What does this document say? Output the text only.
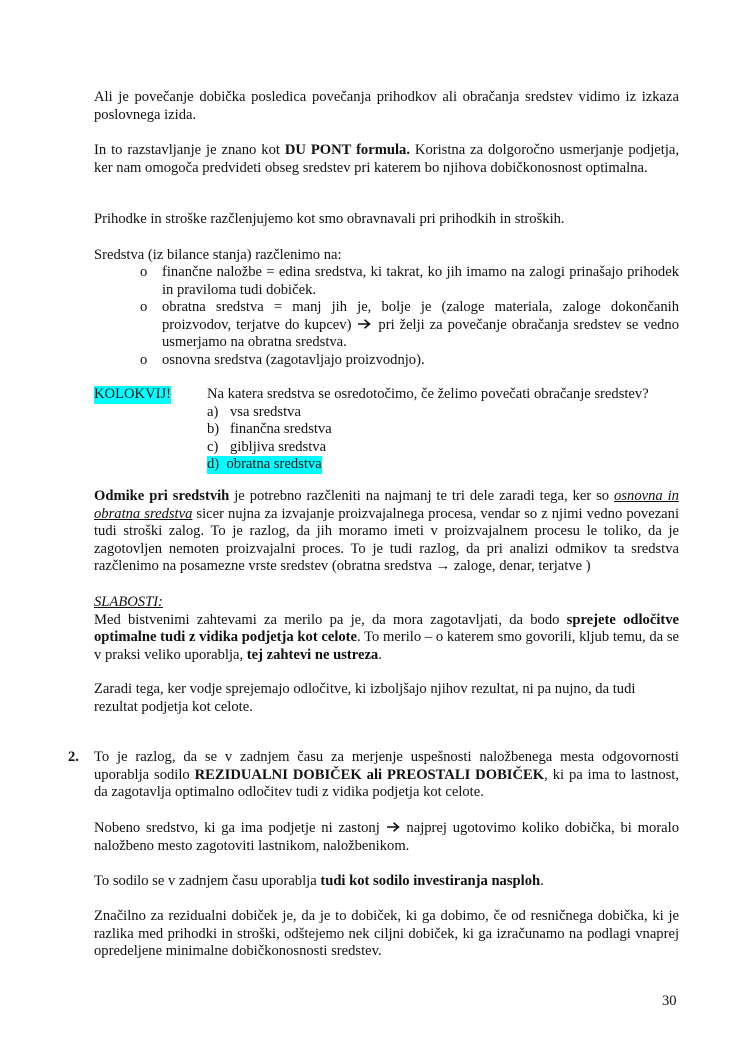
Ali je povečanje dobička posledica povečanja prihodkov ali obračanja sredstev vidimo iz izkaza poslovnega izida.

In to razstavljanje je znano kot DU PONT formula. Koristna za dolgoročno usmerjanje podjetja, ker nam omogoča predvideti obseg sredstev pri katerem bo njihova dobičkonosnost optimalna.

Prihodke in stroške razčlenjujemo kot smo obravnavali pri prihodkih in stroških.

Sredstva (iz bilance stanja) razčlenimo na:

o finančne naložbe = edina sredstva, ki takrat, ko jih imamo na zalogi prinašajo prihodek in praviloma tudi dobiček.
o obratna sredstva = manj jih je, bolje je (zaloge materiala, zaloge dokončanih proizvodov, terjatve do kupcev) pri želji za povečanje obračanja sredstev se vedno usmerjamo na obratna sredstva.
o osnovna sredstva (zagotavljajo proizvodnjo).
KOLOKVIJ! Na katera sredstva se osredotočimo, če želimo povečati obračanje sredstev?
a) vsa sredstva
b) finančna sredstva
c) gibljiva sredstva
d) obratna sredstva

Odmike pri sredstvih je potrebno razčleniti na najmanj te tri dele zaradi tega, ker so osnovna in obratna sredstva sicer nujna za izvajanje proizvajalnega procesa, vendar so z njimi vedno povezani tudi stroški zalog. To je razlog, da jih moramo imeti v proizvajalnem procesu le toliko, da je zagotovljen nemoten proizvajalni proces. To je tudi razlog, da pri analizi odmikov ta sredstva razčlenimo na posamezne vrste sredstev (obratna sredstva → zaloge, denar, terjatve )

SLABOSTI:
Med bistvenimi zahtevami za merilo pa je, da mora zagotavljati, da bodo sprejete odločitve optimalne tudi z vidika podjetja kot celote. To merilo – o katerem smo govorili, kljub temu, da se v praksi veliko uporablja, tej zahtevi ne ustreza.

Zaradi tega, ker vodje sprejemajo odločitve, ki izboljšajo njihov rezultat, ni pa nujno, da tudi rezultat podjetja kot celote.

2. To je razlog, da se v zadnjem času za merjenje uspešnosti naložbenega mesta odgovornosti uporablja sodilo REZIDUALNI DOBIČEK ali PREOSTALI DOBIČEK, ki pa ima to lastnost, da zagotavlja optimalno odločitev tudi z vidika podjetja kot celote.

Nobeno sredstvo, ki ga ima podjetje ni zastonj najprej ugotovimo koliko dobička, bi moralo naložbeno mesto zagotoviti lastnikom, naložbenikom.

To sodilo se v zadnjem času uporablja tudi kot sodilo investiranja nasploh.

Značilno za rezidualni dobiček je, da je to dobiček, ki ga dobimo, če od resničnega dobička, ki je razlika med prihodki in stroški, odštejemo nek ciljni dobiček, ki ga izračunamo na podlagi vnaprej opredeljene minimalne dobičkonosnosti sredstev.

30
